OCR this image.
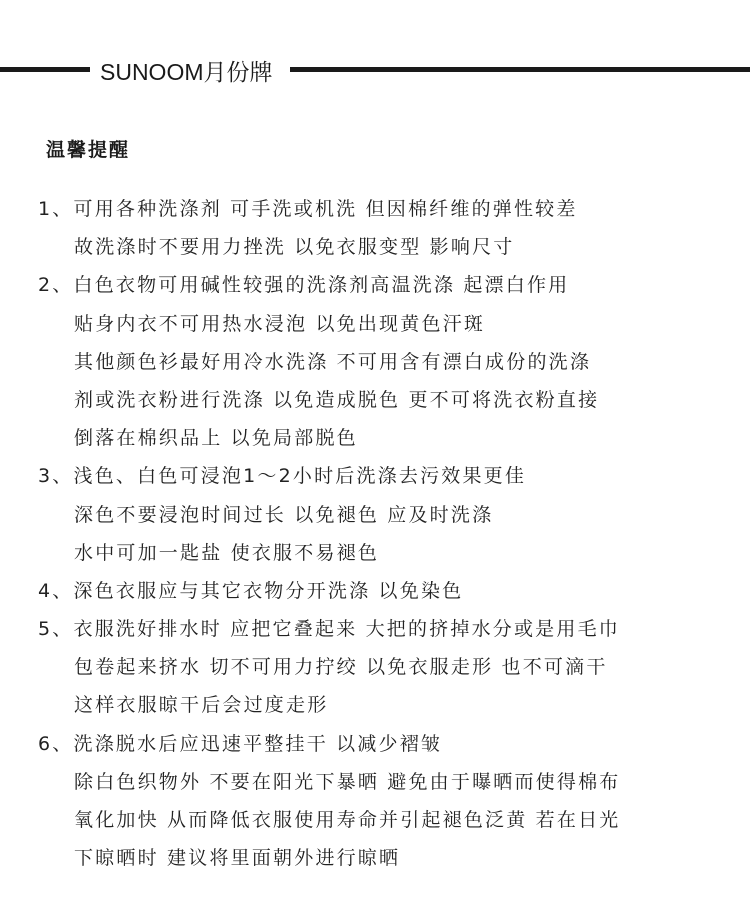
SUNOOM月份牌
温馨提醒
1、可用各种洗涤剂 可手洗或机洗 但因棉纤维的弹性较差
故洗涤时不要用力挫洗 以免衣服变型 影响尺寸
2、白色衣物可用碱性较强的洗涤剂高温洗涤 起漂白作用
贴身内衣不可用热水浸泡 以免出现黄色汗斑
其他颜色衫最好用冷水洗涤 不可用含有漂白成份的洗涤
剂或洗衣粉进行洗涤 以免造成脱色 更不可将洗衣粉直接
倒落在棉织品上 以免局部脱色
3、浅色、白色可浸泡1～2小时后洗涤去污效果更佳
深色不要浸泡时间过长 以免褪色 应及时洗涤
水中可加一匙盐 使衣服不易褪色
4、深色衣服应与其它衣物分开洗涤 以免染色
5、衣服洗好排水时 应把它叠起来 大把的挤掉水分或是用毛巾
包卷起来挤水 切不可用力拧绞 以免衣服走形 也不可滴干
这样衣服晾干后会过度走形
6、洗涤脱水后应迅速平整挂干 以减少褶皱
除白色织物外 不要在阳光下暴晒 避免由于曝晒而使得棉布
氧化加快 从而降低衣服使用寿命并引起褪色泛黄 若在日光
下晾晒时 建议将里面朝外进行晾晒
